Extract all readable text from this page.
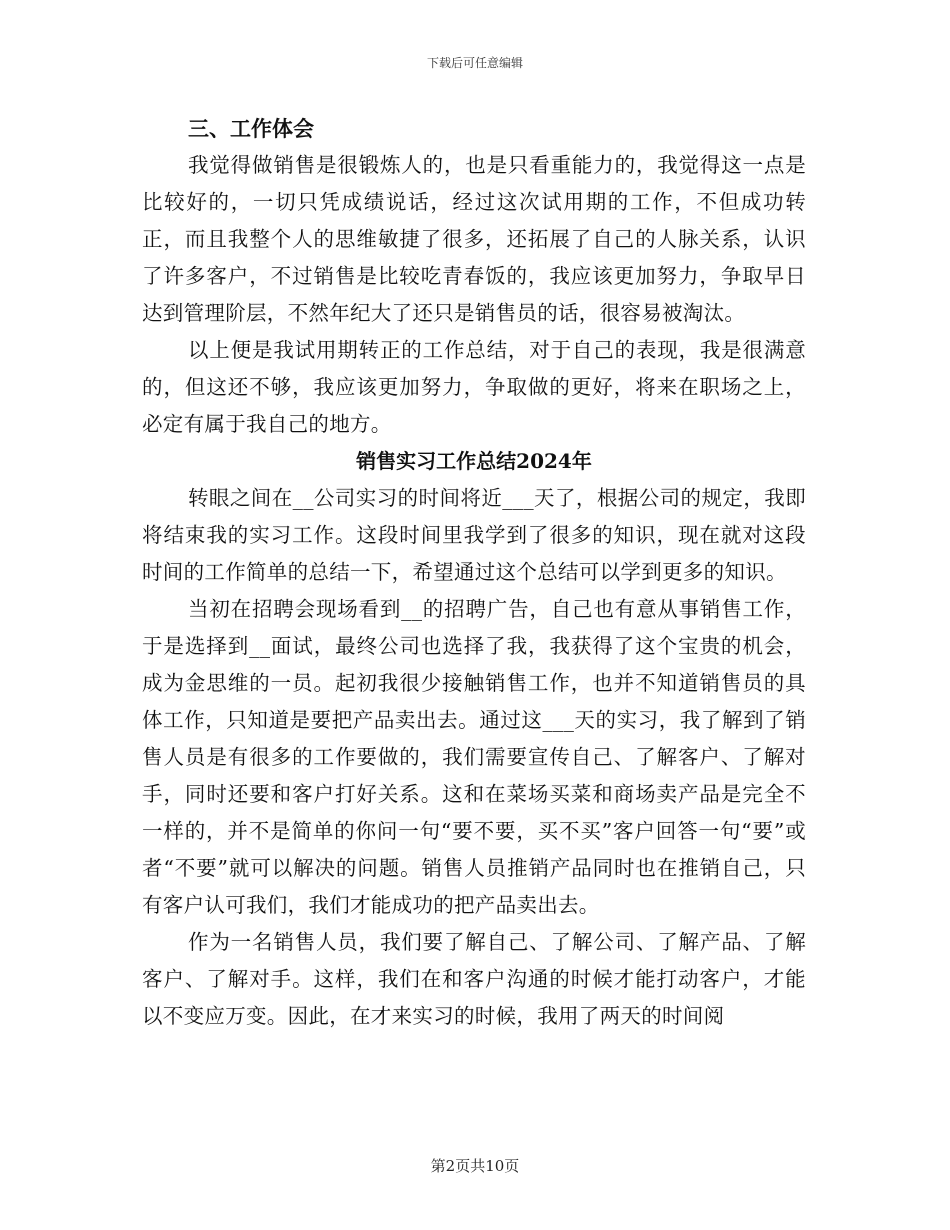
下载后可任意编辑
三、工作体会

我觉得做销售是很锻炼人的，也是只看重能力的，我觉得这一点是比较好的，一切只凭成绩说话，经过这次试用期的工作，不但成功转正，而且我整个人的思维敏捷了很多，还拓展了自己的人脉关系，认识了许多客户，不过销售是比较吃青春饭的，我应该更加努力，争取早日达到管理阶层，不然年纪大了还只是销售员的话，很容易被淘汰。

以上便是我试用期转正的工作总结，对于自己的表现，我是很满意的，但这还不够，我应该更加努力，争取做的更好，将来在职场之上，必定有属于我自己的地方。

销售实习工作总结2024年

转眼之间在__公司实习的时间将近___天了，根据公司的规定，我即将结束我的实习工作。这段时间里我学到了很多的知识，现在就对这段时间的工作简单的总结一下，希望通过这个总结可以学到更多的知识。

当初在招聘会现场看到__的招聘广告，自己也有意从事销售工作，于是选择到__面试，最终公司也选择了我，我获得了这个宝贵的机会，成为金思维的一员。起初我很少接触销售工作，也并不知道销售员的具体工作，只知道是要把产品卖出去。通过这___天的实习，我了解到了销售人员是有很多的工作要做的，我们需要宣传自己、了解客户、了解对手，同时还要和客户打好关系。这和在菜场买菜和商场卖产品是完全不一样的，并不是简单的你问一句“要不要，买不买”客户回答一句“要”或者“不要”就可以解决的问题。销售人员推销产品同时也在推销自己，只有客户认可我们，我们才能成功的把产品卖出去。

作为一名销售人员，我们要了解自己、了解公司、了解产品、了解客户、了解对手。这样，我们在和客户沟通的时候才能打动客户，才能以不变应万变。因此，在才来实习的时候，我用了两天的时间阅

第2页共10页
